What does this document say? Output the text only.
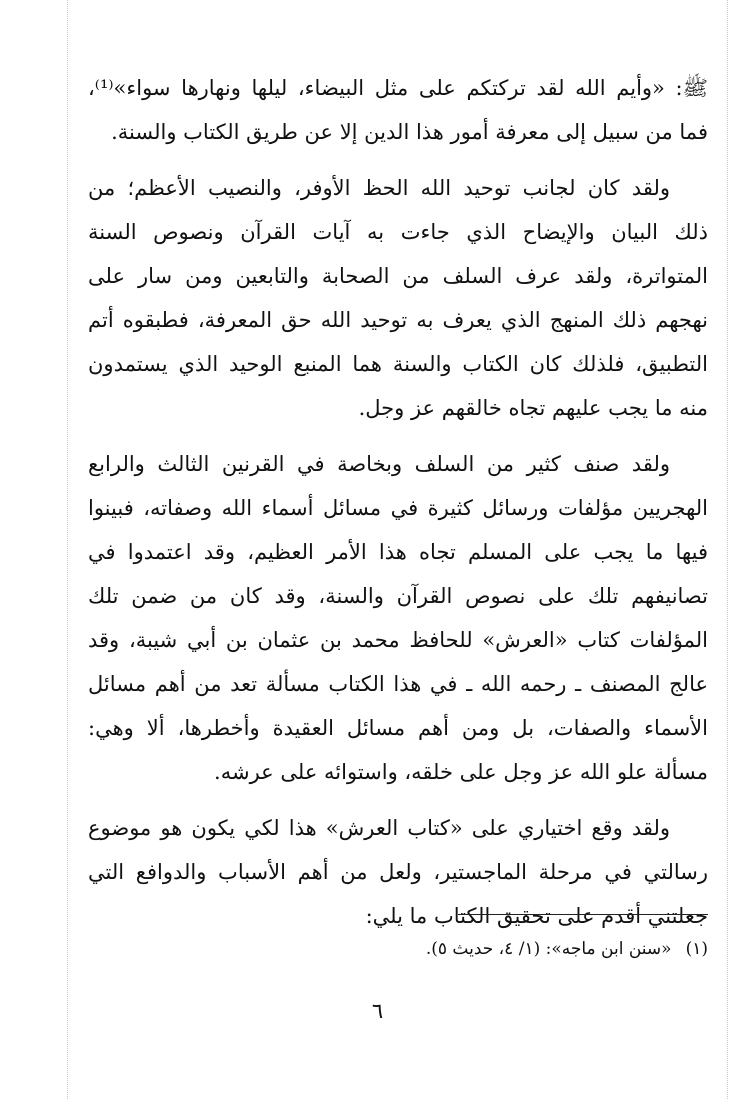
ﷺ: «وأيم الله لقد تركتكم على مثل البيضاء، ليلها ونهارها سواء»⁽¹⁾،
فما من سبيل إلى معرفة أمور هذا الدين إلا عن طريق الكتاب والسنة.
ولقد كان لجانب توحيد الله الحظ الأوفر، والنصيب الأعظم؛ من
ذلك البيان والإيضاح الذي جاءت به آيات القرآن ونصوص السنة
المتواترة، ولقد عرف السلف من الصحابة والتابعين ومن سار على
نهجهم ذلك المنهج الذي يعرف به توحيد الله حق المعرفة، فطبقوه أتم
التطبيق، فلذلك كان الكتاب والسنة هما المنبع الوحيد الذي يستمدون
منه ما يجب عليهم تجاه خالقهم عز وجل.
ولقد صنف كثير من السلف وبخاصة في القرنين الثالث والرابع
الهجريين مؤلفات ورسائل كثيرة في مسائل أسماء الله وصفاته، فبينوا
فيها ما يجب على المسلم تجاه هذا الأمر العظيم، وقد اعتمدوا في
تصانيفهم تلك على نصوص القرآن والسنة، وقد كان من ضمن تلك
المؤلفات كتاب «العرش» للحافظ محمد بن عثمان بن أبي شيبة، وقد
عالج المصنف ـ رحمه الله ـ في هذا الكتاب مسألة تعد من أهم مسائل
الأسماء والصفات، بل ومن أهم مسائل العقيدة وأخطرها، ألا وهي:
مسألة علو الله عز وجل على خلقه، واستوائه على عرشه.
ولقد وقع اختياري على «كتاب العرش» هذا لكي يكون هو موضوع
رسالتي في مرحلة الماجستير، ولعل من أهم الأسباب والدوافع التي
جعلتني أقدم على تحقيق الكتاب ما يلي:
(١)«سنن ابن ماجه»: (١/ ٤، حديث ٥).
٦
